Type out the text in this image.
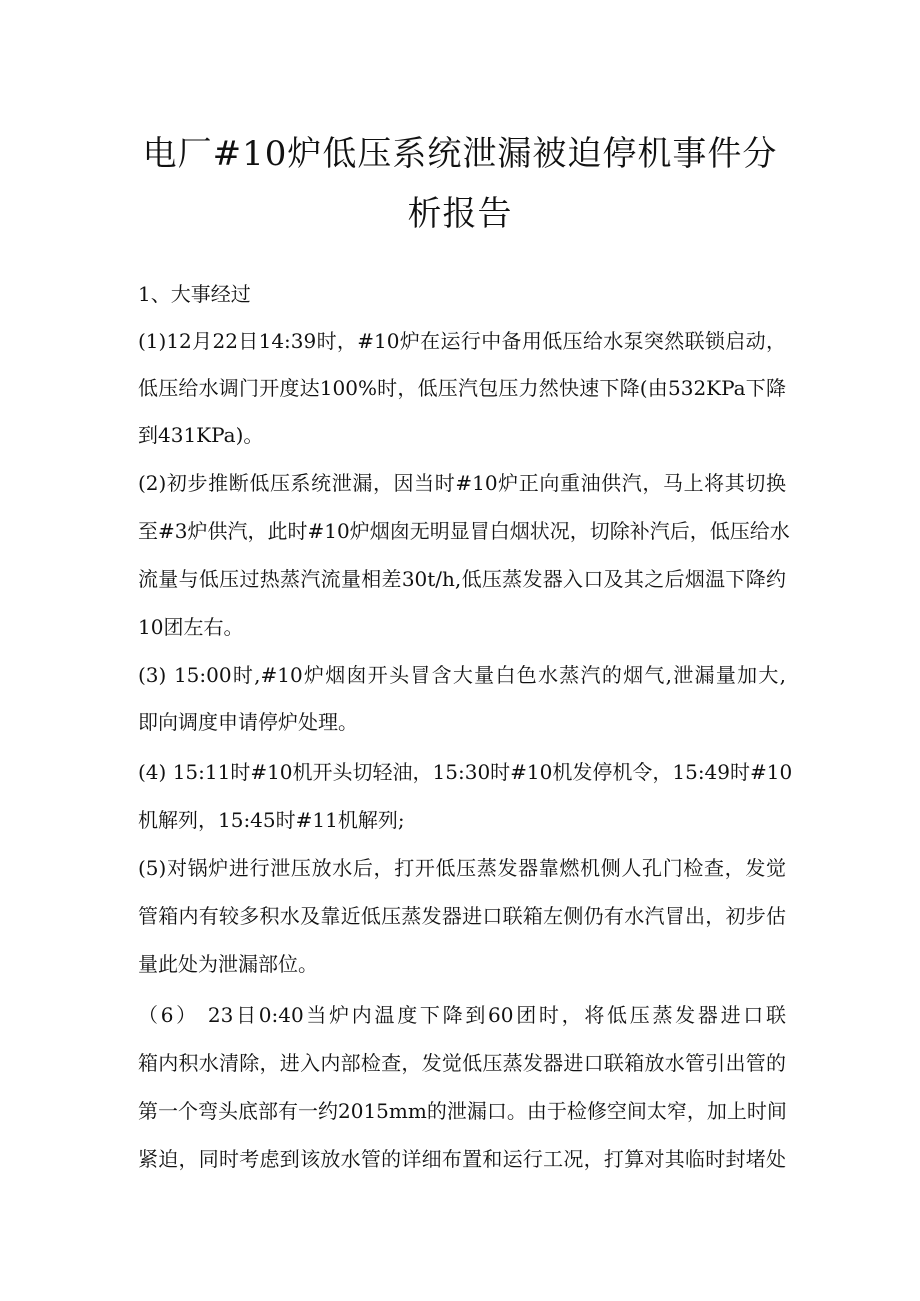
电厂#10炉低压系统泄漏被迫停机事件分
析报告
1、大事经过
(1)12月22日14:39时，#10炉在运行中备用低压给水泵突然联锁启动，
低压给水调门开度达100%时，低压汽包压力然快速下降(由532KPa下降
到431KPa)。
(2)初步推断低压系统泄漏，因当时#10炉正向重油供汽，马上将其切换
至#3炉供汽，此时#10炉烟囱无明显冒白烟状况，切除补汽后，低压给水
流量与低压过热蒸汽流量相差30t∕h,低压蒸发器入口及其之后烟温下降约
10团左右。
(3) 15:00时,#10炉烟囱开头冒含大量白色水蒸汽的烟气,泄漏量加大,
即向调度申请停炉处理。
(4) 15:11时#10机开头切轻油，15:30时#10机发停机令，15:49时#10
机解列，15:45时#11机解列;
(5)对锅炉进行泄压放水后，打开低压蒸发器靠燃机侧人孔门检查，发觉
管箱内有较多积水及靠近低压蒸发器进口联箱左侧仍有水汽冒出，初步估
量此处为泄漏部位。
（6） 23日0:40当炉内温度下降到60团时，将低压蒸发器进口联
箱内积水清除，进入内部检查，发觉低压蒸发器进口联箱放水管引出管的
第一个弯头底部有一约2015mm的泄漏口。由于检修空间太窄，加上时间
紧迫，同时考虑到该放水管的详细布置和运行工况，打算对其临时封堵处
